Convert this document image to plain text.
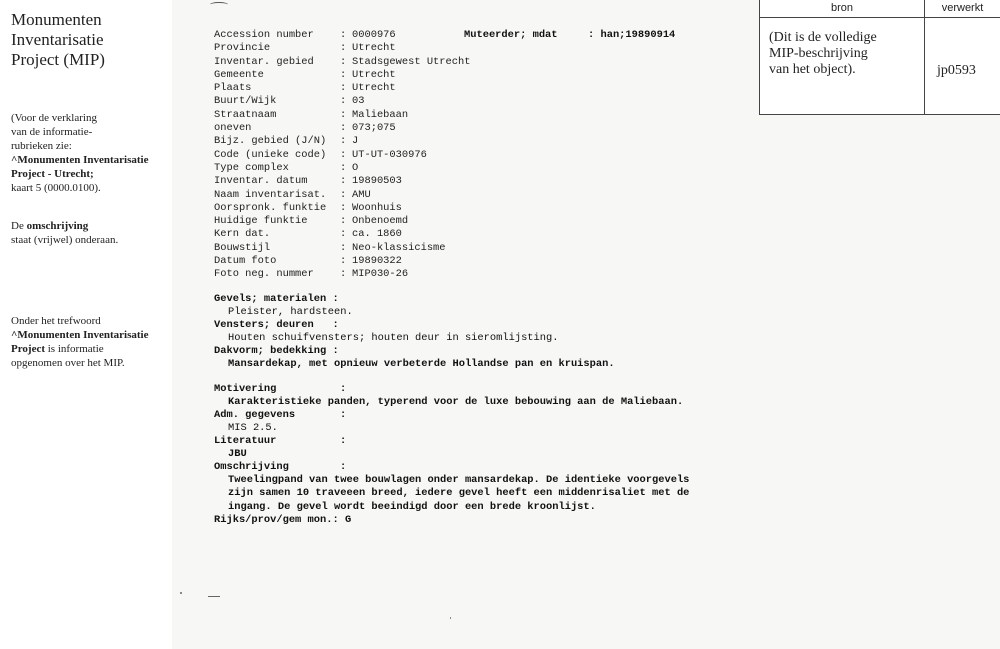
Monumenten
Inventarisatie
Project (MIP)
(Voor de verklaring
van de informatie-
rubrieken zie:
^Monumenten Inventarisatie
Project - Utrecht;
kaart 5 (0000.0100).
De omschrijving
staat (vrijwel) onderaan.
Onder het trefwoord
^Monumenten Inventarisatie
Project is informatie
opgenomen over het MIP.
Accession number	: 0000976
Provincie	: Utrecht
Inventar. gebied	: Stadsgewest Utrecht
Gemeente	: Utrecht
Plaats	: Utrecht
Buurt/Wijk	: 03
Straatnaam	: Maliebaan
oneven	: 073;075
Bijz. gebied (J/N) : J
Code (unieke code) : UT-UT-030976
Type complex	: O
Inventar. datum	: 19890503
Naam inventarisat. : AMU
Oorspronk. funktie : Woonhuis
Huidige funktie	: Onbenoemd
Kern dat.	: ca. 1860
Bouwstijl	: Neo-klassicisme
Datum foto	: 19890322
Foto neg. nummer	: MIP030-26
Muteerder; mdat	: han;19890914
Gevels; materialen :
Pleister, hardsteen.
Vensters; deuren   :
Houten schuifvensters; houten deur in sieromlijsting.
Dakvorm; bedekking :
Mansardekap, met opnieuw verbeterde Hollandse pan en kruispan.
Motivering	:
Karakteristieke panden, typerend voor de luxe bebouwing aan de Maliebaan.
Adm. gegevens	:
MIS 2.5.
Literatuur	:
JBU
Omschrijving	:
Tweelingpand van twee bouwlagen onder mansardekap. De identieke voorgevels
zijn samen 10 traveeen breed, iedere gevel heeft een middenrisaliet met de
ingang. De gevel wordt beeindigd door een brede kroonlijst.
Rijks/prov/gem mon.: G
bron	verwerkt
(Dit is de volledige
MIP-beschrijving
van het object).	jp0593
